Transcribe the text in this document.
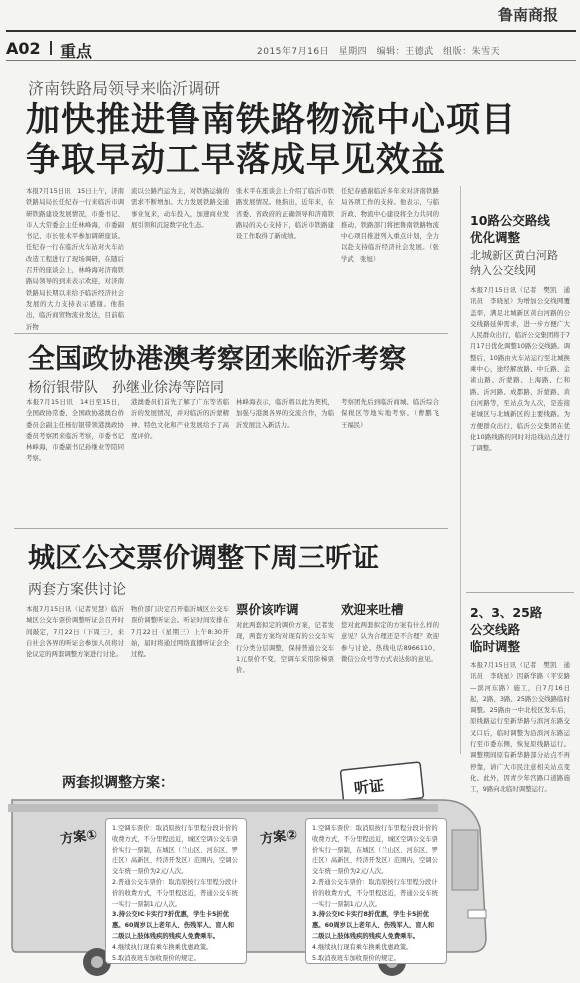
鲁南商报
A02 重点	2015年7月16日　星期四　编辑：王德武　组版：朱雪天
济南铁路局领导来临沂调研
加快推进鲁南铁路物流中心项目
争取早动工早落成早见效益
本报7月15日讯　15日上午，济南铁路局局长任纪春一行来临沂市调研铁路建设发展情况，市委书记、市人大常委会主任林峰海，市委副书记、市长张术平参加调研座谈。任纪春一行在临沂火车站对火车站改造工程进行了现场调研，在随后召开的座谈会上，林峰海对济南铁路局领导的到来表示欢迎，对济南铁路局长期以来给予临沂经济社会发展的大力支持表示感谢。他指出，临沂商贸物流业发达，目前临沂物
流以公路汽运为主，对铁路运输的需求不断增加。大力发展铁路交通事业复来，动车投入，加速商业发展引领和沉淀数字化生态。
张术平在座谈会上介绍了临沂市铁路发展情况。他指出，近年来，在省委、省政府的正确领导和济南铁路局的关心支持下，临沂市铁路建设工作取得了新成绩。
任纪春感谢临沂多年来对济南铁路局各项工作的支持。他表示，与临沂政、物流中心建设将全力共同的推动，铁路部门将把鲁南铁路物流中心项目推进列入重点计划，全力以赴支持临沂经济社会发展。（张学武　张旭）
全国政协港澳考察团来临沂考察
杨衍银带队　孙继业徐涛等陪同
本报7月15日讯　14日至15日，全国政协常委、全国政协港澳台侨委员会副主任杨衍银带领港澳政协委员考察团来临沂考察，市委书记林峰海，市委副书记孙继业等陪同考察。
港澳委员们首先了解了广东等省临沂的发展情况，并对临沂的沂蒙精神、特色文化和产业发展给予了高度评价。
林峰海表示，临沂将以此为契机，加强与港澳各界的交流合作，为临沂发展注入新活力。
考察团先后到临沂商城、临沂综合保税区等地实地考察。（曹鹏飞　王福民）
城区公交票价调整下周三听证
两套方案供讨论
本报7月15日讯（记者吴慧）临沂城区公交车票价调整听证会召开时间敲定，7月22日（下周三），来自社会各界的听证会参加人员将讨论议定的两套调整方案进行讨论。
物价部门决定召开临沂城区公交车票价调整听证会。听证时间安排在7月22日（星期三）上午8:30开始，届时将通过网络直播听证会全过程。
票价该咋调
对此两套拟定的调价方案，记者发现，两套方案均对现有的公交车实行分类分层调整，保持普通公交车1元票价不变，空调车采用阶梯票价。
欢迎来吐槽
您对此两套拟定的方案有什么样的意见？认为合理还是不合理？欢迎参与讨论。热线电话8966110、微信公众号等方式表达你的意见。
两套拟调整方案：	听证
方案① 1.空调车票价：取消原按行车里程分段计价的收费方式，不分里程远近，城区空调公交车票价实行一票制，在城区（兰山区、河东区、罗庄区）高新区、经济开发区）范围内，空调公交车统一票价为2元/人次。
2.普通公交车票价：取消原按行车里程分段计价的收费方式，不分里程远近，普通公交车统一实行一票制1元/人次。
3.持公交IC卡实行7折优惠，学生卡5折优惠。60周岁以上老年人、伤残军人、盲人和二级以上肢体残疾的残疾人免费乘车。
4.继续执行现有乘车换乘优惠政策。
5.取消夜班车加收票价的规定。
方案② 1.空调车票价：取消原按行车里程分段计价的收费方式，不分里程远近，城区空调公交车票价实行一票制，在城区（兰山区、河东区、罗庄区）高新区、经济开发区）范围内，空调公交车统一票价为2元/人次。
2.普通公交车票价：取消原按行车里程分段计价的收费方式，不分里程远近，普通公交车统一实行一票制1元/人次。
3.持公交IC卡实行8折优惠，学生卡5折优惠。60周岁以上老年人、伤残军人、盲人和二级以上肢体残疾的残疾人免费乘车。
4.继续执行现有乘车换乘优惠政策。
5.取消夜班车加收票价的规定。
10路公交路线
优化调整
北城新区黄白河路
纳入公交线网
本报7月15日讯（记者　樊凯　通讯员　李晓星）为增加公交线网覆盖率，满足北城新区黄白河路的公交线路延伸需求，进一步方便广大人民群众出行，临沂公交集团将于7月17日优化调整10路公交线路。调整后，10路由火车站运行至北城换乘中心，途经解放路、中丘路、金雀山路、沂蒙路、上海路、仁和路、沂河路、成都路、沂蒙路、黄白河路等，至站点为人次，是连接老城区与北城新区的主要线路。为方便群众出行，临沂公交集团在优化10路线路的同时对沿线站点进行了调整。
2、3、25路
公交线路
临时调整
本报7月15日讯（记者　樊凯　通讯员　李晓星）因新华路（平安路—滨河东路）施工，自7月16日起，2路、3路、25路公交线路临时调整。25路由一中北校区发车后，原线路运行至新华路与滨河东路交叉口后，临时调整为沿滨河东路运行至市委东侧，恢复原线路运行。调整期间原有新华路部分站点不再停靠，请广大市民注意相关站点变化。此外，因青少年宫路口道路施工，9路向北临时调整运行。
